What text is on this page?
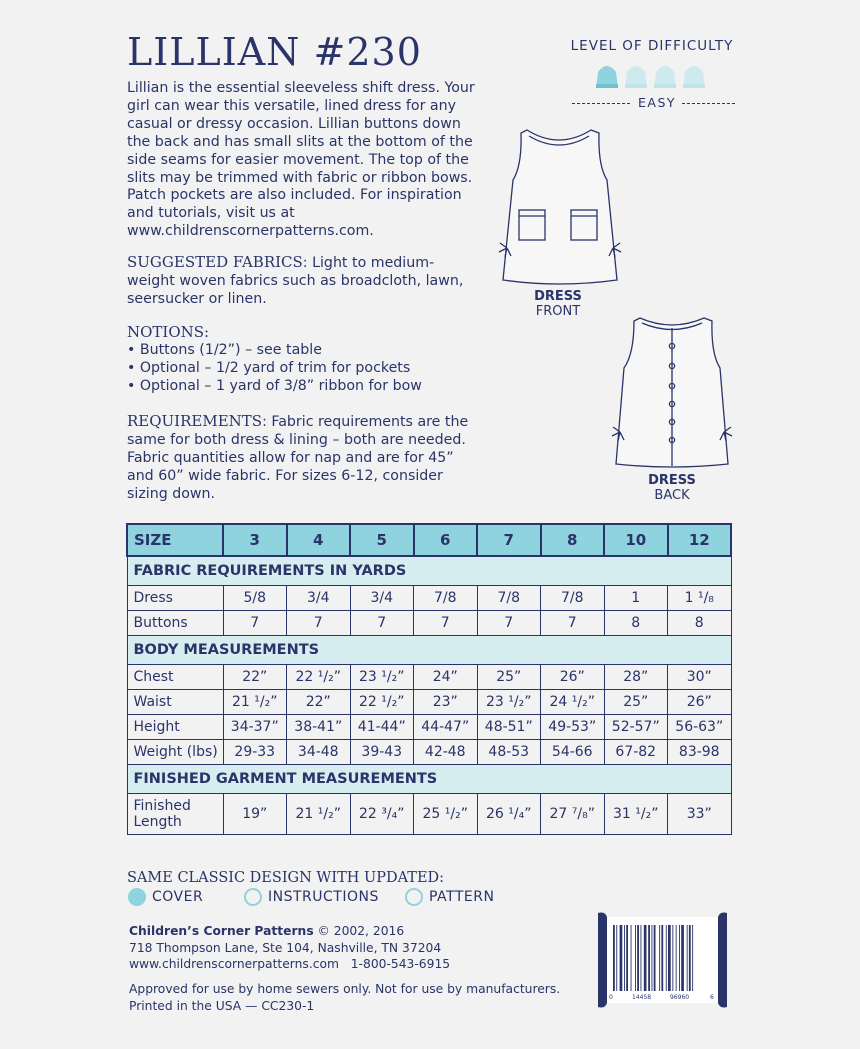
LILLIAN #230
Lillian is the essential sleeveless shift dress. Your girl can wear this versatile, lined dress for any casual or dressy occasion. Lillian buttons down the back and has small slits at the bottom of the side seams for easier movement. The top of the slits may be trimmed with fabric or ribbon bows. Patch pockets are also included. For inspiration and tutorials, visit us at www.childrenscornerpatterns.com.
SUGGESTED FABRICS: Light to medium-weight woven fabrics such as broadcloth, lawn, seersucker or linen.
NOTIONS:
• Buttons (1/2”) – see table
• Optional – 1/2 yard of trim for pockets
• Optional – 1 yard of 3/8” ribbon for bow
REQUIREMENTS: Fabric requirements are the same for both dress & lining – both are needed. Fabric quantities allow for nap and are for 45” and 60” wide fabric. For sizes 6-12, consider sizing down.
LEVEL OF DIFFICULTY
EASY
DRESS
FRONT
DRESS
BACK
SIZE	3	4	5	6	7	8	10	12
FABRIC REQUIREMENTS IN YARDS								
Dress	5/8	3/4	3/4	7/8	7/8	7/8	1	1 ¹/₈
Buttons	7	7	7	7	7	7	8	8
BODY MEASUREMENTS								
Chest	22”	22 ¹/₂”	23 ¹/₂”	24”	25”	26”	28”	30”
Waist	21 ¹/₂”	22”	22 ¹/₂”	23”	23 ¹/₂”	24 ¹/₂”	25”	26”
Height	34-37”	38-41”	41-44”	44-47”	48-51”	49-53”	52-57”	56-63”
Weight (lbs)	29-33	34-48	39-43	42-48	48-53	54-66	67-82	83-98
FINISHED GARMENT MEASUREMENTS								
Finished Length	19”	21 ¹/₂”	22 ³/₄”	25 ¹/₂”	26 ¹/₄”	27 ⁷/₈”	31 ¹/₂”	33”
SAME CLASSIC DESIGN WITH UPDATED:
COVER	INSTRUCTIONS	PATTERN
Children’s Corner Patterns © 2002, 2016
718 Thompson Lane, Ste 104, Nashville, TN 37204
www.childrenscornerpatterns.com 1-800-543-6915
Approved for use by home sewers only. Not for use by manufacturers.
Printed in the USA — CC230-1
0	14458	96960	6
